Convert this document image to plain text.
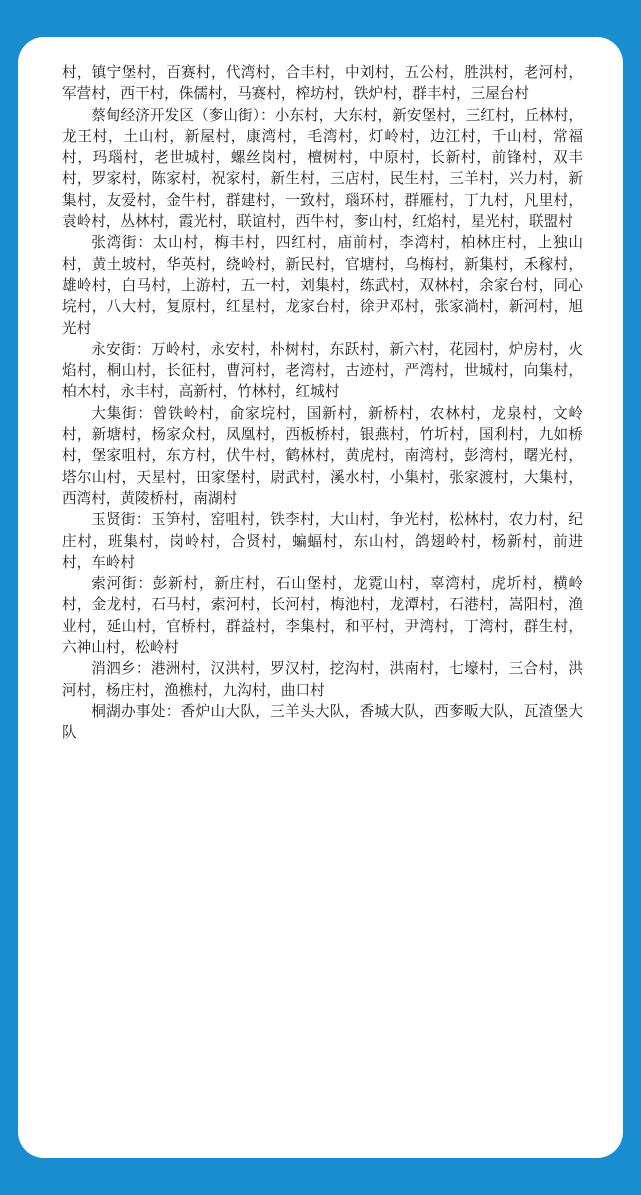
村，镇宁堡村，百赛村，代湾村，合丰村，中刘村，五公村，胜洪村，老河村，军营村，西干村，侏儒村，马赛村，榨坊村，铁炉村，群丰村，三屋台村

蔡甸经济开发区（奓山街）：小东村，大东村，新安堡村，三红村，丘林村，龙王村，土山村，新屋村，康湾村，毛湾村，灯岭村，边江村，千山村，常福村，玛瑙村，老世城村，螺丝岗村，檀树村，中原村，长新村，前锋村，双丰村，罗家村，陈家村，祝家村，新生村，三店村，民生村，三羊村，兴力村，新集村，友爱村，金牛村，群建村，一致村，瑙环村，群雁村，丁九村，凡里村，袁岭村，丛林村，霞光村，联谊村，西牛村，奓山村，红焰村，星光村，联盟村

张湾街：太山村，梅丰村，四红村，庙前村，李湾村，柏林庄村，上独山村，黄土坡村，华英村，绕岭村，新民村，官塘村，乌梅村，新集村，禾稼村，雄岭村，白马村，上游村，五一村，刘集村，练武村，双林村，余家台村，同心垸村，八大村，复原村，红星村，龙家台村，徐尹邓村，张家淌村，新河村，旭光村

永安街：万岭村，永安村，朴树村，东跃村，新六村，花园村，炉房村，火焰村，桐山村，长征村，曹河村，老湾村，古迹村，严湾村，世城村，向集村，柏木村，永丰村，高新村，竹林村，红城村

大集街：曾铁岭村，俞家垸村，国新村，新桥村，农林村，龙泉村，文岭村，新塘村，杨家众村，凤凰村，西板桥村，银燕村，竹圻村，国利村，九如桥村，堡家咀村，东方村，伏牛村，鹤林村，黄虎村，南湾村，彭湾村，曙光村，塔尔山村，天星村，田家堡村，尉武村，溪水村，小集村，张家渡村，大集村，西湾村，黄陵桥村，南湖村

玉贤街：玉笋村，窑咀村，铁李村，大山村，争光村，松林村，农力村，纪庄村，班集村，岗岭村，合贤村，蝙蝠村，东山村，鸽翅岭村，杨新村，前进村，车岭村

索河街：彭新村，新庄村，石山堡村，龙霓山村，辜湾村，虎圻村，横岭村，金龙村，石马村，索河村，长河村，梅池村，龙潭村，石港村，嵩阳村，渔业村，延山村，官桥村，群益村，李集村，和平村，尹湾村，丁湾村，群生村，六神山村，松岭村

消泗乡：港洲村，汉洪村，罗汉村，挖沟村，洪南村，七壕村，三合村，洪河村，杨庄村，渔樵村，九沟村，曲口村

桐湖办事处：香炉山大队，三羊头大队，香城大队，西奓畈大队，瓦渣堡大队
